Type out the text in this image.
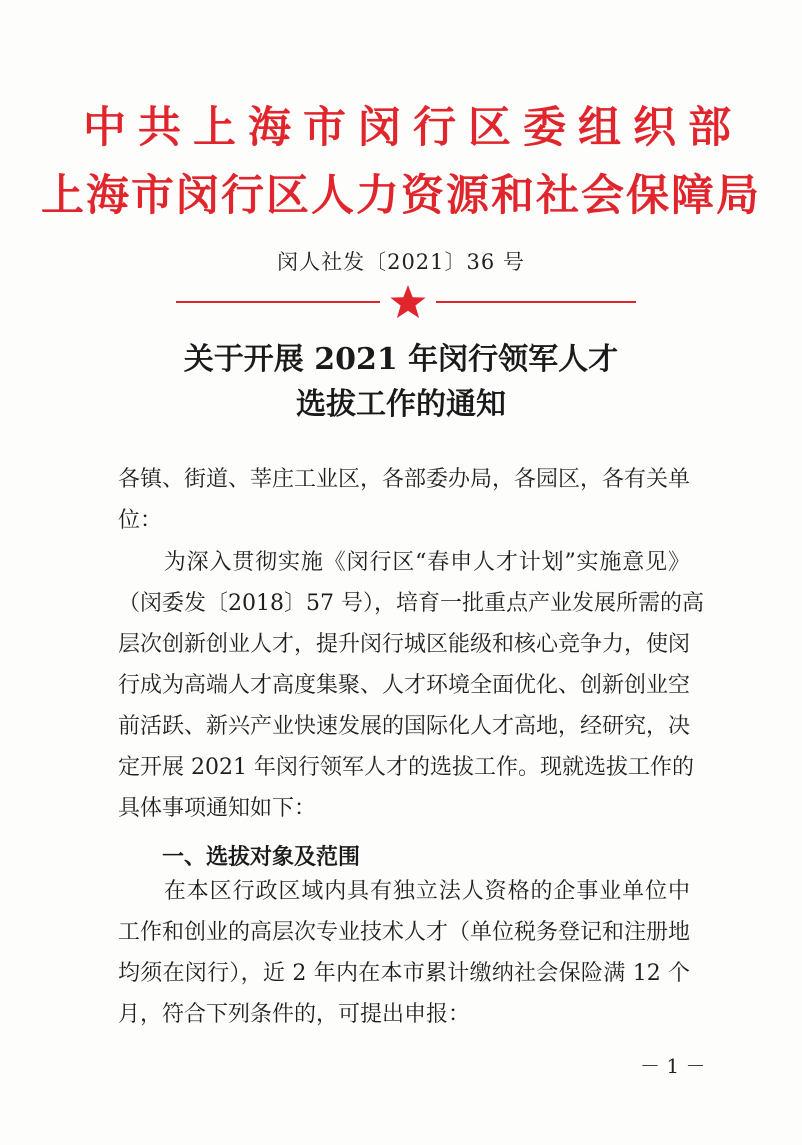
中共上海市闵行区委组织部
上海市闵行区人力资源和社会保障局
闵人社发〔2021〕36 号
关于开展 2021 年闵行领军人才
选拔工作的通知
各镇、街道、莘庄工业区，各部委办局，各园区，各有关单
位：
　　为深入贯彻实施《闵行区“春申人才计划”实施意见》
（闵委发〔2018〕57 号），培育一批重点产业发展所需的高
层次创新创业人才，提升闵行城区能级和核心竞争力，使闵
行成为高端人才高度集聚、人才环境全面优化、创新创业空
前活跃、新兴产业快速发展的国际化人才高地，经研究，决
定开展 2021 年闵行领军人才的选拔工作。现就选拔工作的
具体事项通知如下：
一、选拔对象及范围
　　在本区行政区域内具有独立法人资格的企事业单位中
工作和创业的高层次专业技术人才（单位税务登记和注册地
均须在闵行），近 2 年内在本市累计缴纳社会保险满 12 个
月，符合下列条件的，可提出申报：
－ 1 －
